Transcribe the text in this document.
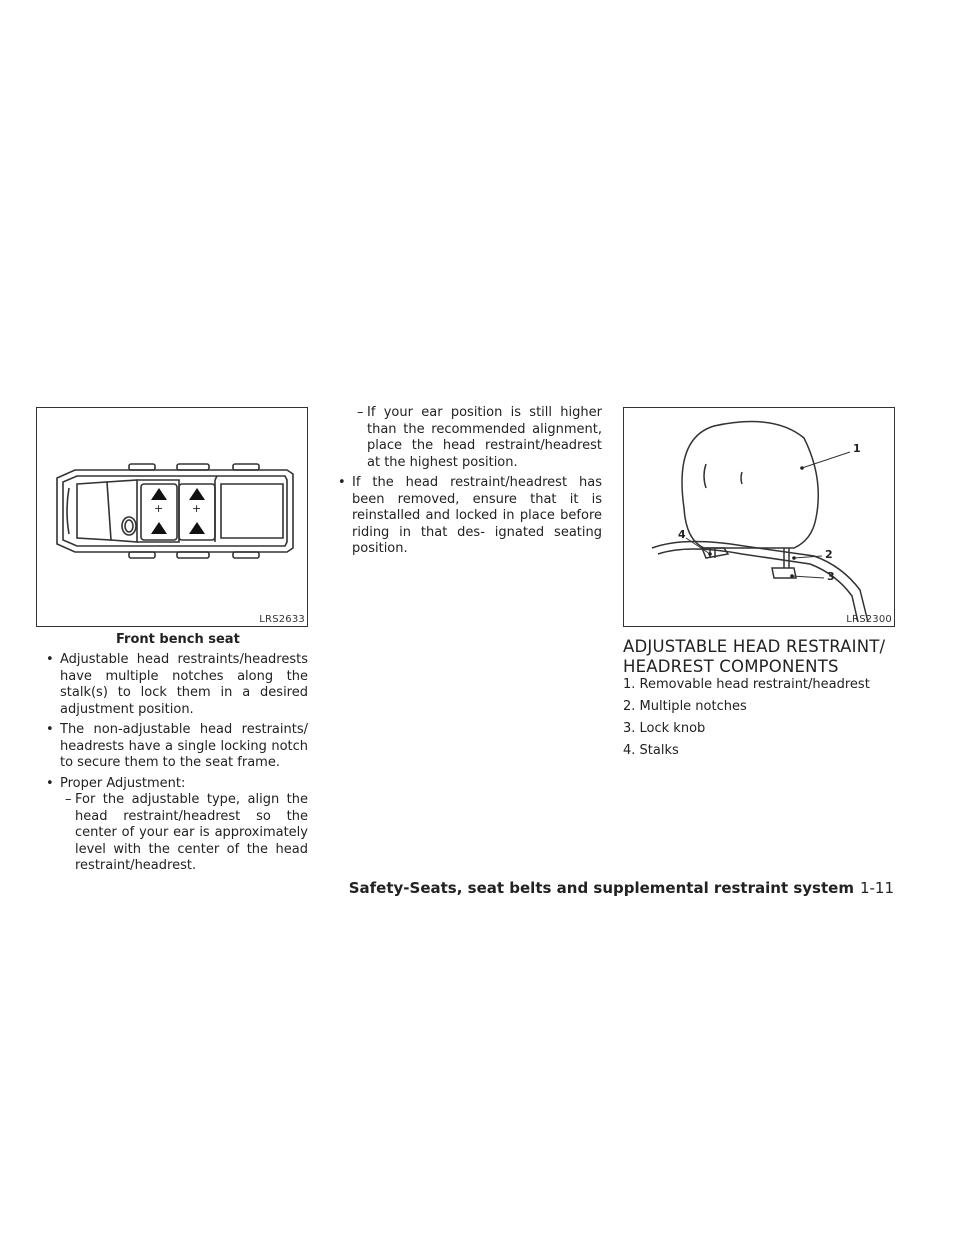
+	+
LRS2633
Front bench seat
1
2
3
4
LRS2300
• Adjustable head restraints/headrests have multiple notches along the stalk(s) to lock them in a desired adjustment position.
• The non-adjustable head restraints/ headrests have a single locking notch to secure them to the seat frame.
• Proper Adjustment:
– For the adjustable type, align the head restraint/headrest so the center of your ear is approximately level with the center of the head restraint/headrest.
– If your ear position is still higher than the recommended alignment, place the head restraint/headrest at the highest position.
• If the head restraint/headrest has been removed, ensure that it is reinstalled and locked in place before riding in that des- ignated seating position.
ADJUSTABLE HEAD RESTRAINT/
HEADREST COMPONENTS
1. Removable head restraint/headrest
2. Multiple notches
3. Lock knob
4. Stalks
Safety-Seats, seat belts and supplemental restraint system 1-11
